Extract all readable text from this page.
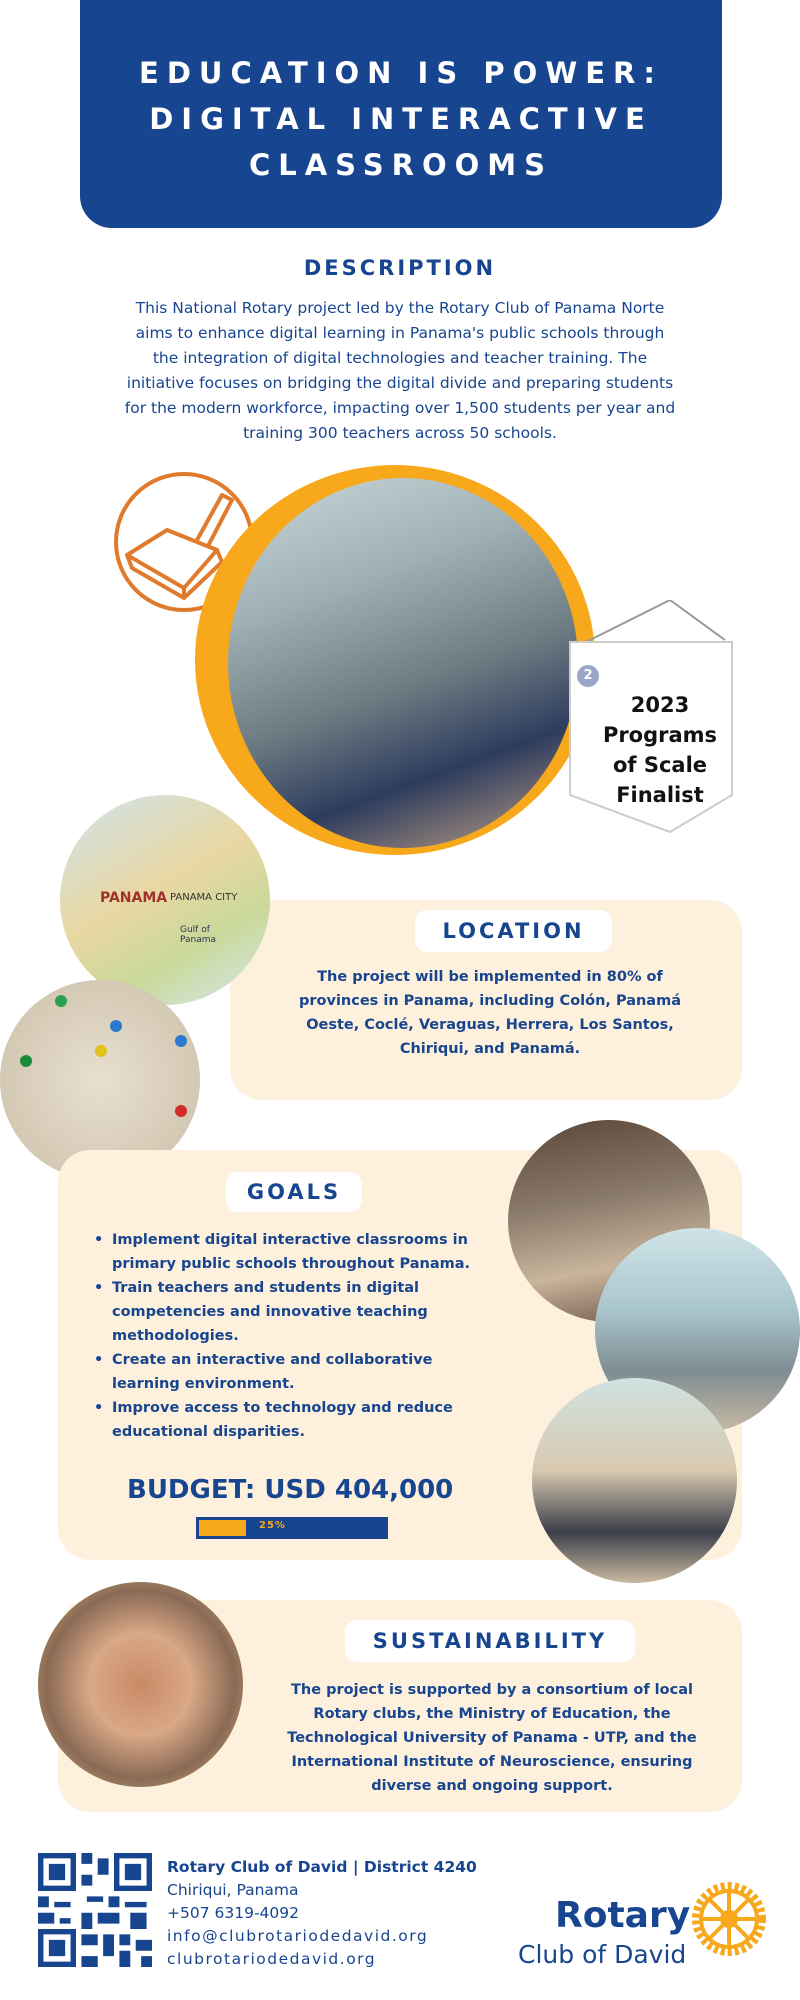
EDUCATION IS POWER:
DIGITAL INTERACTIVE
CLASSROOMS
DESCRIPTION
This National Rotary project led by the Rotary Club of Panama Norte
aims to enhance digital learning in Panama's public schools through
the integration of digital technologies and teacher training. The
initiative focuses on bridging the digital divide and preparing students
for the modern workforce, impacting over 1,500 students per year and
training 300 teachers across 50 schools.
2
2023
Programs
of Scale
Finalist
PANAMA PANAMA CITY
Gulf of Panama	LOCATION
The project will be implemented in 80% of
provinces in Panama, including Colón, Panamá
Oeste, Coclé, Veraguas, Herrera, Los Santos,
Chiriqui, and Panamá.
GOALS
• Implement digital interactive classrooms in
primary public schools throughout Panama.
• Train teachers and students in digital
competencies and innovative teaching
methodologies.
• Create an interactive and collaborative
learning environment.
• Improve access to technology and reduce
educational disparities.
BUDGET: USD 404,000
25%
SUSTAINABILITY
The project is supported by a consortium of local
Rotary clubs, the Ministry of Education, the
Technological University of Panama - UTP, and the
International Institute of Neuroscience, ensuring
diverse and ongoing support.
Rotary Club of David | District 4240
Chiriqui, Panama
+507 6319-4092
info@clubrotariodedavid.org
clubrotariodedavid.org
Rotary
Club of David
